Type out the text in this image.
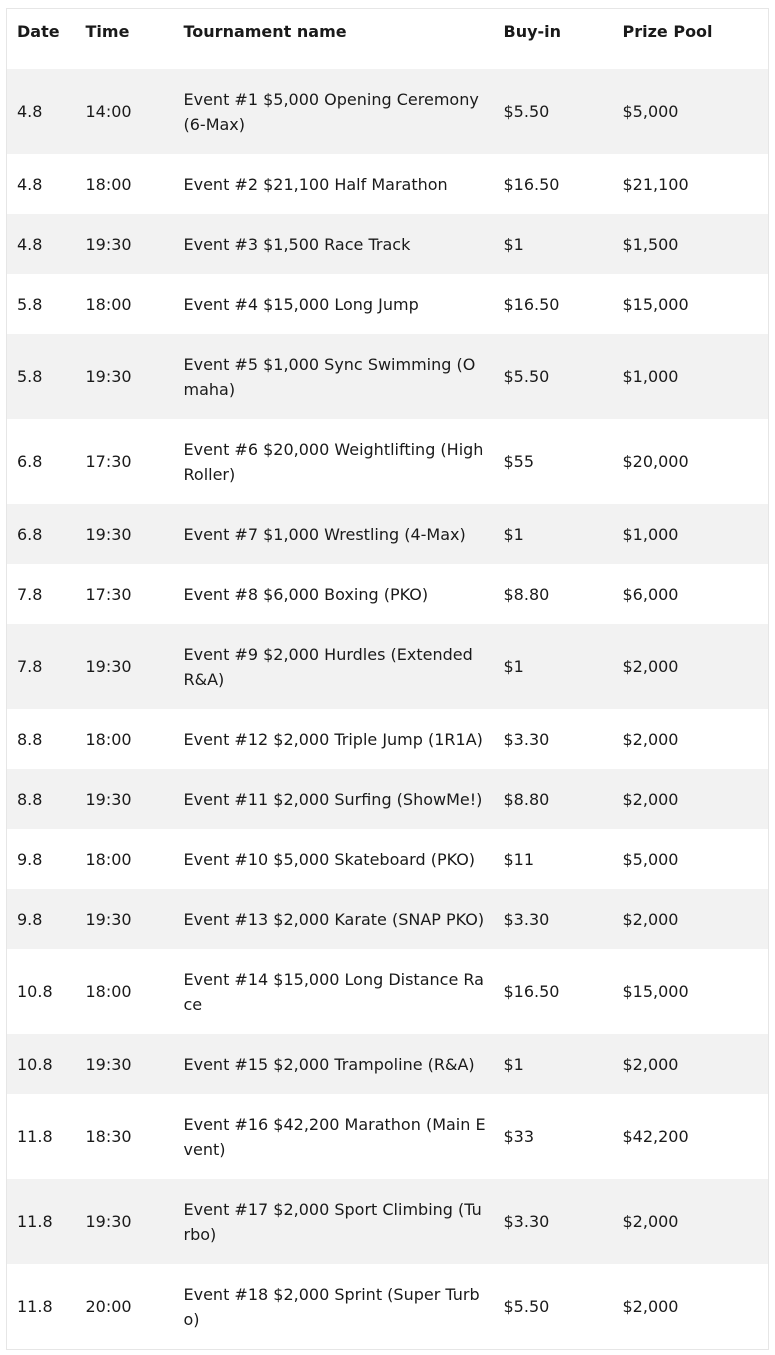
Date	Time	Tournament name	Buy-in	Prize Pool
4.8	14:00	Event #1 $5,000 Opening Ceremony (6-Max)	$5.50	$5,000
4.8	18:00	Event #2 $21,100 Half Marathon	$16.50	$21,100
4.8	19:30	Event #3 $1,500 Race Track	$1	$1,500
5.8	18:00	Event #4 $15,000 Long Jump	$16.50	$15,000
5.8	19:30	Event #5 $1,000 Sync Swimming (Omaha)	$5.50	$1,000
6.8	17:30	Event #6 $20,000 Weightlifting (High Roller)	$55	$20,000
6.8	19:30	Event #7 $1,000 Wrestling (4-Max)	$1	$1,000
7.8	17:30	Event #8 $6,000 Boxing (PKO)	$8.80	$6,000
7.8	19:30	Event #9 $2,000 Hurdles (Extended R&A)	$1	$2,000
8.8	18:00	Event #12 $2,000 Triple Jump (1R1A)	$3.30	$2,000
8.8	19:30	Event #11 $2,000 Surfing (ShowMe!)	$8.80	$2,000
9.8	18:00	Event #10 $5,000 Skateboard (PKO)	$11	$5,000
9.8	19:30	Event #13 $2,000 Karate (SNAP PKO)	$3.30	$2,000
10.8	18:00	Event #14 $15,000 Long Distance Race	$16.50	$15,000
10.8	19:30	Event #15 $2,000 Trampoline (R&A)	$1	$2,000
11.8	18:30	Event #16 $42,200 Marathon (Main Event)	$33	$42,200
11.8	19:30	Event #17 $2,000 Sport Climbing (Turbo)	$3.30	$2,000
11.8	20:00	Event #18 $2,000 Sprint (Super Turbo)	$5.50	$2,000
